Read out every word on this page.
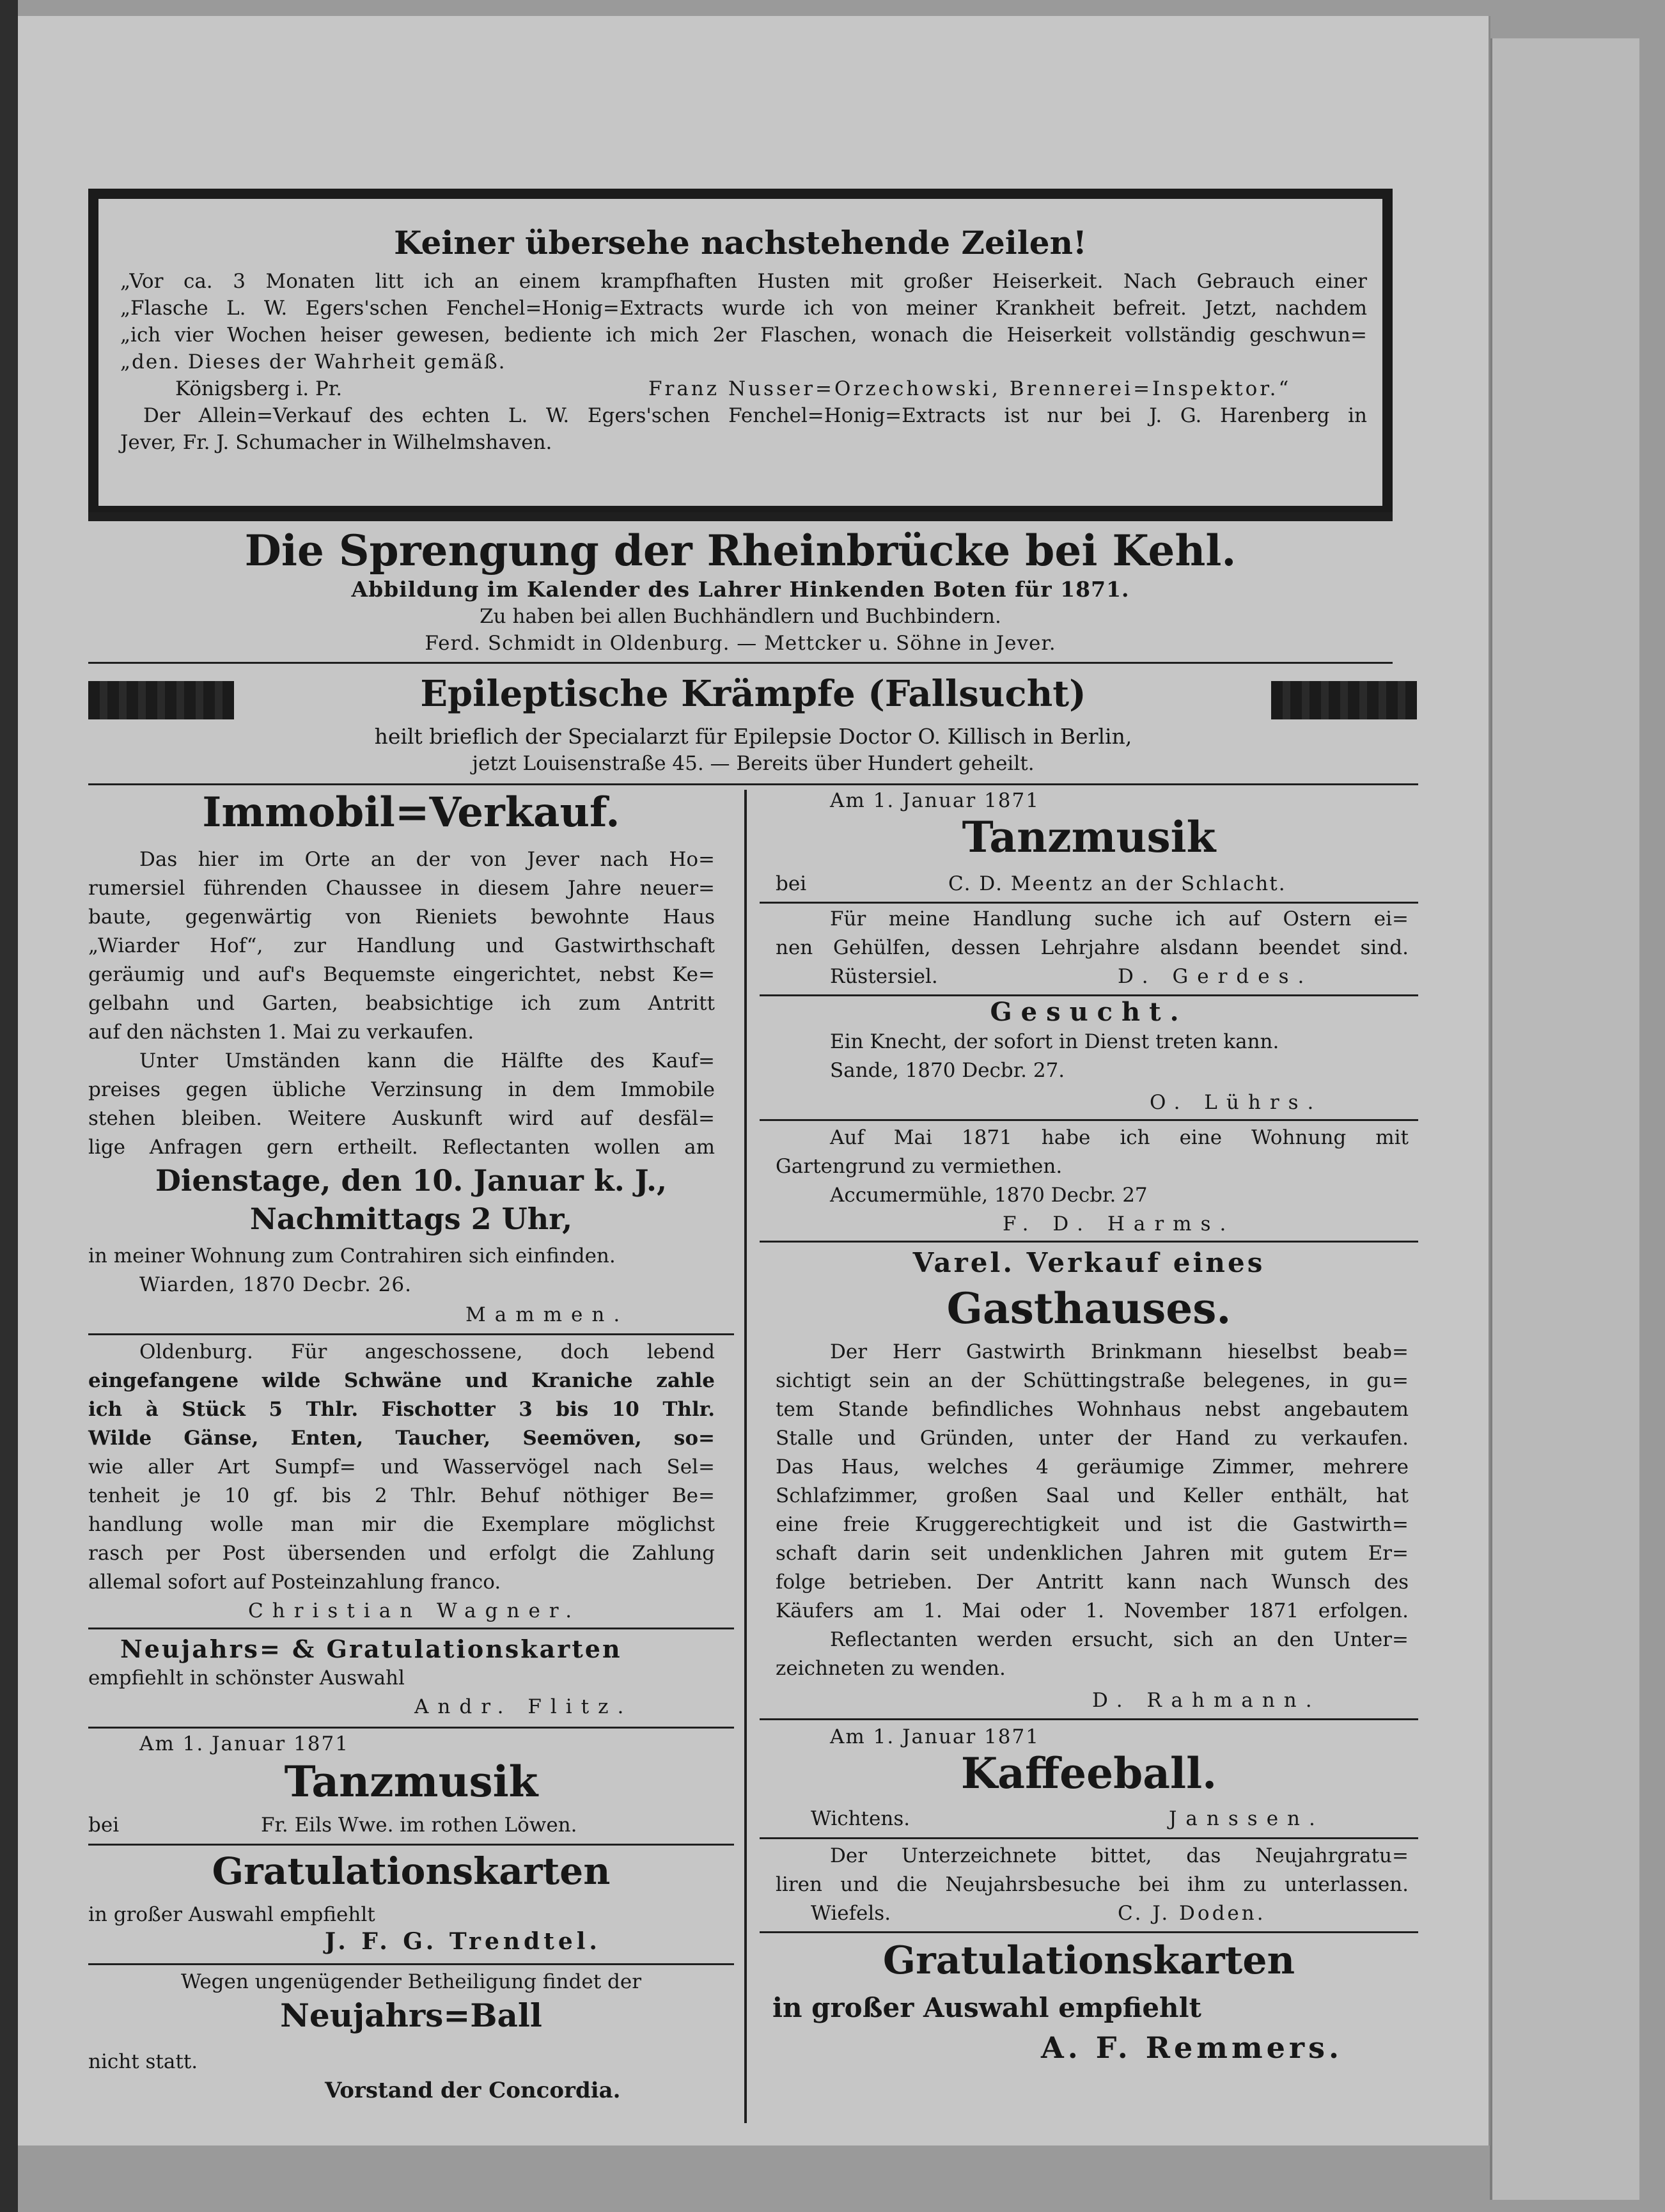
Keiner übersehe nachstehende Zeilen!
„Vor ca. 3 Monaten litt ich an einem krampfhaften Husten mit großer Heiserkeit. Nach Gebrauch einer
„Flasche L. W. Egers'schen Fenchel=Honig=Extracts wurde ich von meiner Krankheit befreit. Jetzt, nachdem
„ich vier Wochen heiser gewesen, bediente ich mich 2er Flaschen, wonach die Heiserkeit vollständig geschwun=
„den. Dieses der Wahrheit gemäß.
Königsberg i. Pr.	Franz Nusser=Orzechowski, Brennerei=Inspektor.“
Der Allein=Verkauf des echten L. W. Egers'schen Fenchel=Honig=Extracts ist nur bei J. G. Harenberg in
Jever, Fr. J. Schumacher in Wilhelmshaven.
Die Sprengung der Rheinbrücke bei Kehl.
Abbildung im Kalender des Lahrer Hinkenden Boten für 1871.
Zu haben bei allen Buchhändlern und Buchbindern.
Ferd. Schmidt in Oldenburg. — Mettcker u. Söhne in Jever.
Epileptische Krämpfe (Fallsucht)
heilt brieflich der Specialarzt für Epilepsie Doctor O. Killisch in Berlin,
jetzt Louisenstraße 45. — Bereits über Hundert geheilt.
Immobil=Verkauf.
Das hier im Orte an der von Jever nach Ho=
rumersiel führenden Chaussee in diesem Jahre neuer=
baute, gegenwärtig von Rieniets bewohnte Haus
„Wiarder Hof“, zur Handlung und Gastwirthschaft
geräumig und auf's Bequemste eingerichtet, nebst Ke=
gelbahn und Garten, beabsichtige ich zum Antritt
auf den nächsten 1. Mai zu verkaufen.
Unter Umständen kann die Hälfte des Kauf=
preises gegen übliche Verzinsung in dem Immobile
stehen bleiben. Weitere Auskunft wird auf desfäl=
lige Anfragen gern ertheilt. Reflectanten wollen am
Dienstage, den 10. Januar k. J.,
Nachmittags 2 Uhr,
in meiner Wohnung zum Contrahiren sich einfinden.
Wiarden, 1870 Decbr. 26.
Mammen.
Oldenburg. Für angeschossene, doch lebend
eingefangene wilde Schwäne und Kraniche zahle
ich à Stück 5 Thlr. Fischotter 3 bis 10 Thlr.
Wilde Gänse, Enten, Taucher, Seemöven, so=
wie aller Art Sumpf= und Wasservögel nach Sel=
tenheit je 10 gf. bis 2 Thlr. Behuf nöthiger Be=
handlung wolle man mir die Exemplare möglichst
rasch per Post übersenden und erfolgt die Zahlung
allemal sofort auf Posteinzahlung franco.
Christian Wagner.
Neujahrs= & Gratulationskarten
empfiehlt in schönster Auswahl
Andr. Flitz.
Am 1. Januar 1871
Tanzmusik
bei	Fr. Eils Wwe. im rothen Löwen.
Gratulationskarten
in großer Auswahl empfiehlt
J. F. G. Trendtel.
Wegen ungenügender Betheiligung findet der
Neujahrs=Ball
nicht statt.
Vorstand der Concordia.
Am 1. Januar 1871
Tanzmusik
bei	C. D. Meentz an der Schlacht.
Für meine Handlung suche ich auf Ostern ei=
nen Gehülfen, dessen Lehrjahre alsdann beendet sind.
Rüstersiel.	D. Gerdes.
Gesucht.
Ein Knecht, der sofort in Dienst treten kann.
Sande, 1870 Decbr. 27.
O. Lührs.
Auf Mai 1871 habe ich eine Wohnung mit
Gartengrund zu vermiethen.
Accumermühle, 1870 Decbr. 27
F. D. Harms.
Varel. Verkauf eines
Gasthauses.
Der Herr Gastwirth Brinkmann hieselbst beab=
sichtigt sein an der Schüttingstraße belegenes, in gu=
tem Stande befindliches Wohnhaus nebst angebautem
Stalle und Gründen, unter der Hand zu verkaufen.
Das Haus, welches 4 geräumige Zimmer, mehrere
Schlafzimmer, großen Saal und Keller enthält, hat
eine freie Kruggerechtigkeit und ist die Gastwirth=
schaft darin seit undenklichen Jahren mit gutem Er=
folge betrieben. Der Antritt kann nach Wunsch des
Käufers am 1. Mai oder 1. November 1871 erfolgen.
Reflectanten werden ersucht, sich an den Unter=
zeichneten zu wenden.
D. Rahmann.
Am 1. Januar 1871
Kaffeeball.
Wichtens.	Janssen.
Der Unterzeichnete bittet, das Neujahrgratu=
liren und die Neujahrsbesuche bei ihm zu unterlassen.
Wiefels.	C. J. Doden.
Gratulationskarten
in großer Auswahl empfiehlt
A. F. Remmers.
